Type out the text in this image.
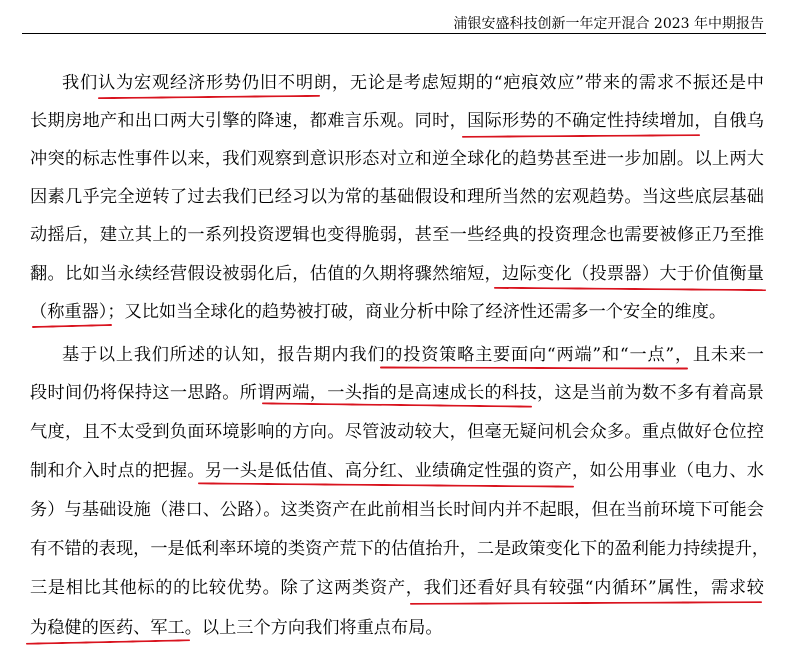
浦银安盛科技创新一年定开混合 2023 年中期报告
我们认为宏观经济形势仍旧不明朗，无论是考虑短期的“疤痕效应”带来的需求不振还是中
长期房地产和出口两大引擎的降速，都难言乐观。同时，国际形势的不确定性持续增加，自俄乌
冲突的标志性事件以来，我们观察到意识形态对立和逆全球化的趋势甚至进一步加剧。以上两大
因素几乎完全逆转了过去我们已经习以为常的基础假设和理所当然的宏观趋势。当这些底层基础
动摇后，建立其上的一系列投资逻辑也变得脆弱，甚至一些经典的投资理念也需要被修正乃至推
翻。比如当永续经营假设被弱化后，估值的久期将骤然缩短，边际变化（投票器）大于价值衡量
（称重器）；又比如当全球化的趋势被打破，商业分析中除了经济性还需多一个安全的维度。
基于以上我们所述的认知，报告期内我们的投资策略主要面向“两端”和“一点”，且未来一
段时间仍将保持这一思路。所谓两端，一头指的是高速成长的科技，这是当前为数不多有着高景
气度，且不太受到负面环境影响的方向。尽管波动较大，但毫无疑问机会众多。重点做好仓位控
制和介入时点的把握。另一头是低估值、高分红、业绩确定性强的资产，如公用事业（电力、水
务）与基础设施（港口、公路）。这类资产在此前相当长时间内并不起眼，但在当前环境下可能会
有不错的表现，一是低利率环境的类资产荒下的估值抬升，二是政策变化下的盈利能力持续提升，
三是相比其他标的的比较优势。除了这两类资产，我们还看好具有较强“内循环”属性，需求较
为稳健的医药、军工。以上三个方向我们将重点布局。
